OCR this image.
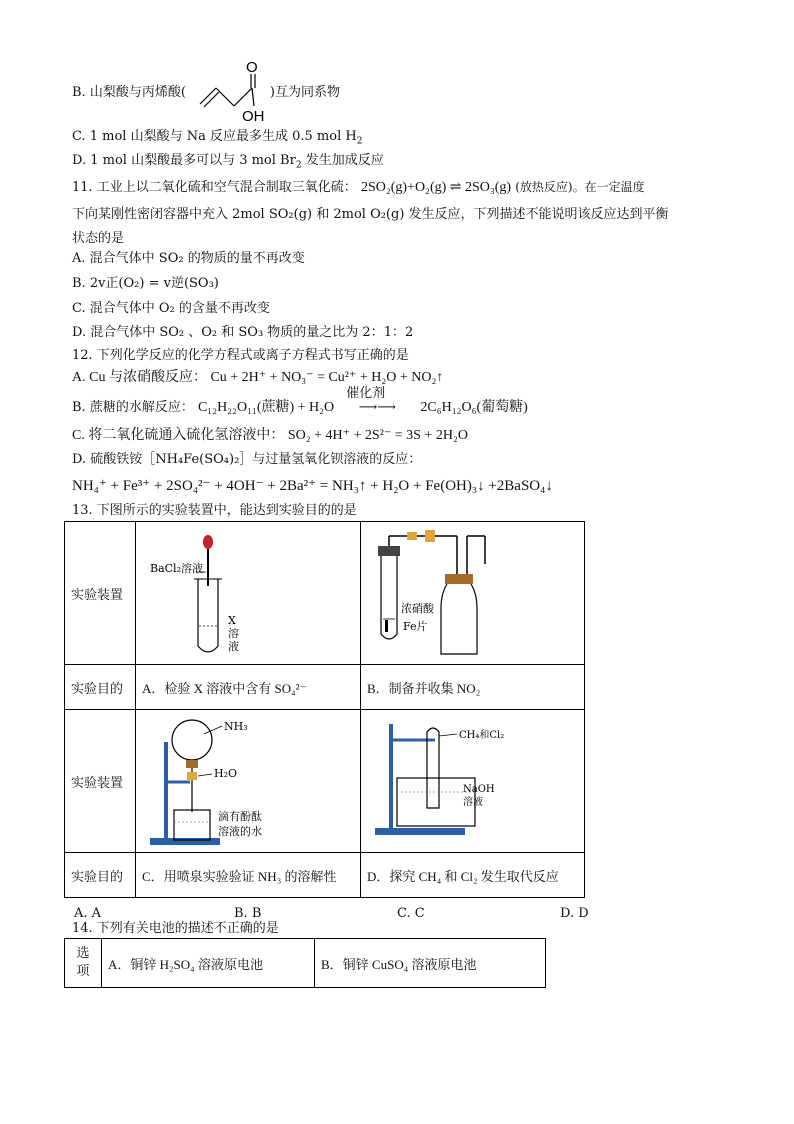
B. 山梨酸与丙烯酸(	)互为同系物
O
OH
C. 1 mol 山梨酸与 Na 反应最多生成 0.5 mol $H_2$
D. 1 mol 山梨酸最多可以与 3 mol $Br_2$ 发生加成反应
11. 工业上以二氧化硫和空气混合制取三氧化硫： 2SO₂(g)+O₂(g) ⇌ 2SO₃(g) (放热反应)。在一定温度
下向某刚性密闭容器中充入 2mol SO₂(g) 和 2mol O₂(g) 发生反应，下列描述不能说明该反应达到平衡
状态的是
A. 混合气体中 SO₂ 的物质的量不再改变
B. 2v正(O₂) = v逆(SO₃)
C. 混合气体中 O₂ 的含量不再改变
D. 混合气体中 SO₂ 、O₂ 和 SO₃ 物质的量之比为 2：1：2
12. 下列化学反应的化学方程式或离子方程式书写正确的是
A. Cu 与浓硝酸反应： Cu + 2H⁺ + NO₃⁻ = Cu²⁺ + H₂O + NO₂↑
B. 蔗糖的水解反应： C₁₂H₂₂O₁₁(蔗糖) + H₂O
催化剂
⟶⟶ 2C₆H₁₂O₆(葡萄糖)
C. 将二氧化硫通入硫化氢溶液中： SO₂ + 4H⁺ + 2S²⁻ = 3S + 2H₂O
D. 硫酸铁铵［NH₄Fe(SO₄)₂］与过量氢氧化钡溶液的反应：
NH₄⁺ + Fe³⁺ + 2SO₄²⁻ + 4OH⁻ + 2Ba²⁺ = NH₃↑ + H₂O + Fe(OH)₃↓ +2BaSO₄↓
13. 下图所示的实验装置中，能达到实验目的的是
实验装置	BaCl₂溶液
X
溶
液	浓硝酸
Fe片

实验目的	A．检验 X 溶液中含有 SO₄²⁻	B．制备并收集 NO₂
实验装置	NH₃
H₂O
滴有酚酞
溶液的水	CH₄和Cl₂
NaOH
溶液

实验目的	C．用喷泉实验验证 NH₃ 的溶解性	D．探究 CH₄ 和 Cl₂ 发生取代反应
A. A	B. B	C. C	D. D
14. 下列有关电池的描述不正确的是
选
项	A．铜锌 H₂SO₄ 溶液原电池	B．铜锌 CuSO₄ 溶液原电池
